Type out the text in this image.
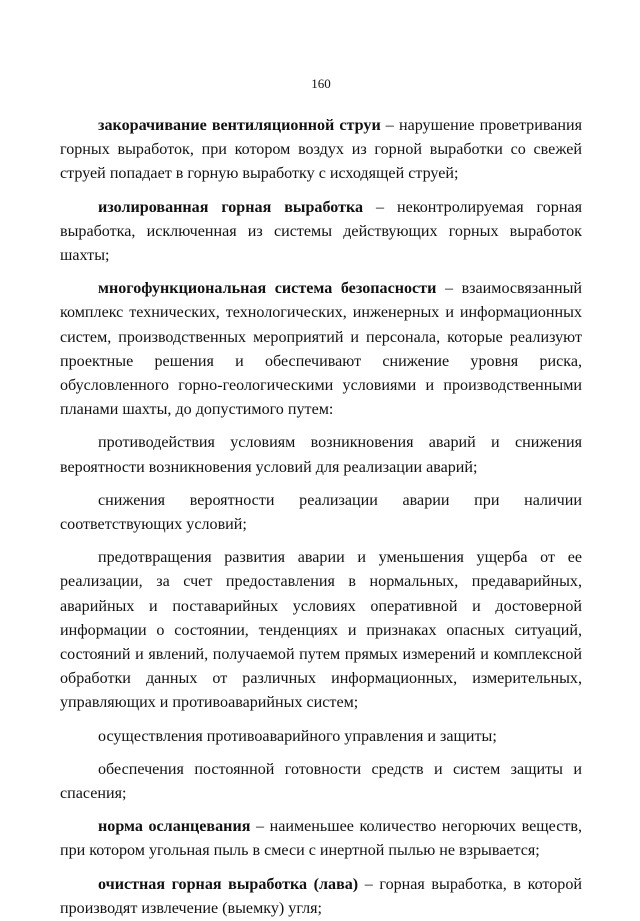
160

закорачивание вентиляционной струи – нарушение проветривания горных выработок, при котором воздух из горной выработки со свежей струей попадает в горную выработку с исходящей струей;

изолированная горная выработка – неконтролируемая горная выработка, исключенная из системы действующих горных выработок шахты;

многофункциональная система безопасности – взаимосвязанный комплекс технических, технологических, инженерных и информационных систем, производственных мероприятий и персонала, которые реализуют проектные решения и обеспечивают снижение уровня риска, обусловленного горно-геологическими условиями и производственными планами шахты, до допустимого путем:

противодействия условиям возникновения аварий и снижения вероятности возникновения условий для реализации аварий;

снижения вероятности реализации аварии при наличии соответствующих условий;

предотвращения развития аварии и уменьшения ущерба от ее реализации, за счет предоставления в нормальных, предаварийных, аварийных и поставарийных условиях оперативной и достоверной информации о состоянии, тенденциях и признаках опасных ситуаций, состояний и явлений, получаемой путем прямых измерений и комплексной обработки данных от различных информационных, измерительных, управляющих и противоаварийных систем;

осуществления противоаварийного управления и защиты;

обеспечения постоянной готовности средств и систем защиты и спасения;

норма осланцевания – наименьшее количество негорючих веществ, при котором угольная пыль в смеси с инертной пылью не взрывается;

очистная горная выработка (лава) – горная выработка, в которой производят извлечение (выемку) угля;
